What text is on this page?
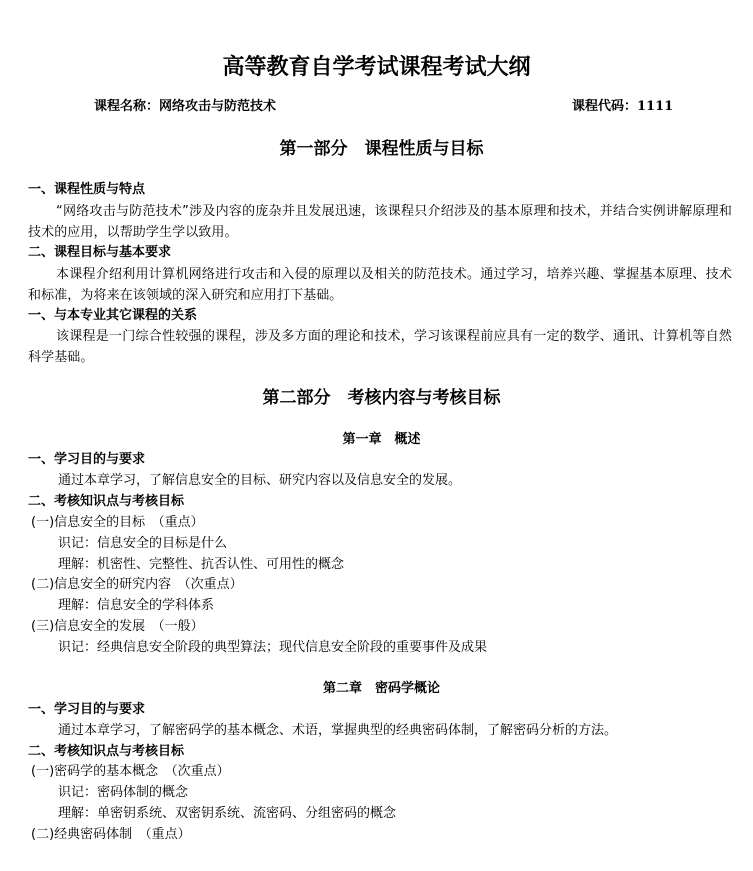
高等教育自学考试课程考试大纲
课程名称：网络攻击与防范技术	课程代码：1111
第一部分　课程性质与目标
一、课程性质与特点
“网络攻击与防范技术”涉及内容的庞杂并且发展迅速，该课程只介绍涉及的基本原理和技术，并结合实例讲解原理和技术的应用，以帮助学生学以致用。
二、课程目标与基本要求
本课程介绍利用计算机网络进行攻击和入侵的原理以及相关的防范技术。通过学习，培养兴趣、掌握基本原理、技术和标准，为将来在该领域的深入研究和应用打下基础。
一、与本专业其它课程的关系
该课程是一门综合性较强的课程，涉及多方面的理论和技术，学习该课程前应具有一定的数学、通讯、计算机等自然科学基础。
第二部分　考核内容与考核目标
第一章　概述
一、学习目的与要求
通过本章学习，了解信息安全的目标、研究内容以及信息安全的发展。
二、考核知识点与考核目标
(一)信息安全的目标　（重点）
识记：信息安全的目标是什么
理解：机密性、完整性、抗否认性、可用性的概念
(二)信息安全的研究内容　（次重点）
理解：信息安全的学科体系
(三)信息安全的发展　（一般）
识记：经典信息安全阶段的典型算法；现代信息安全阶段的重要事件及成果
第二章　密码学概论
一、学习目的与要求
通过本章学习，了解密码学的基本概念、术语，掌握典型的经典密码体制，了解密码分析的方法。
二、考核知识点与考核目标
(一)密码学的基本概念　（次重点）
识记：密码体制的概念
理解：单密钥系统、双密钥系统、流密码、分组密码的概念
(二)经典密码体制　（重点）
